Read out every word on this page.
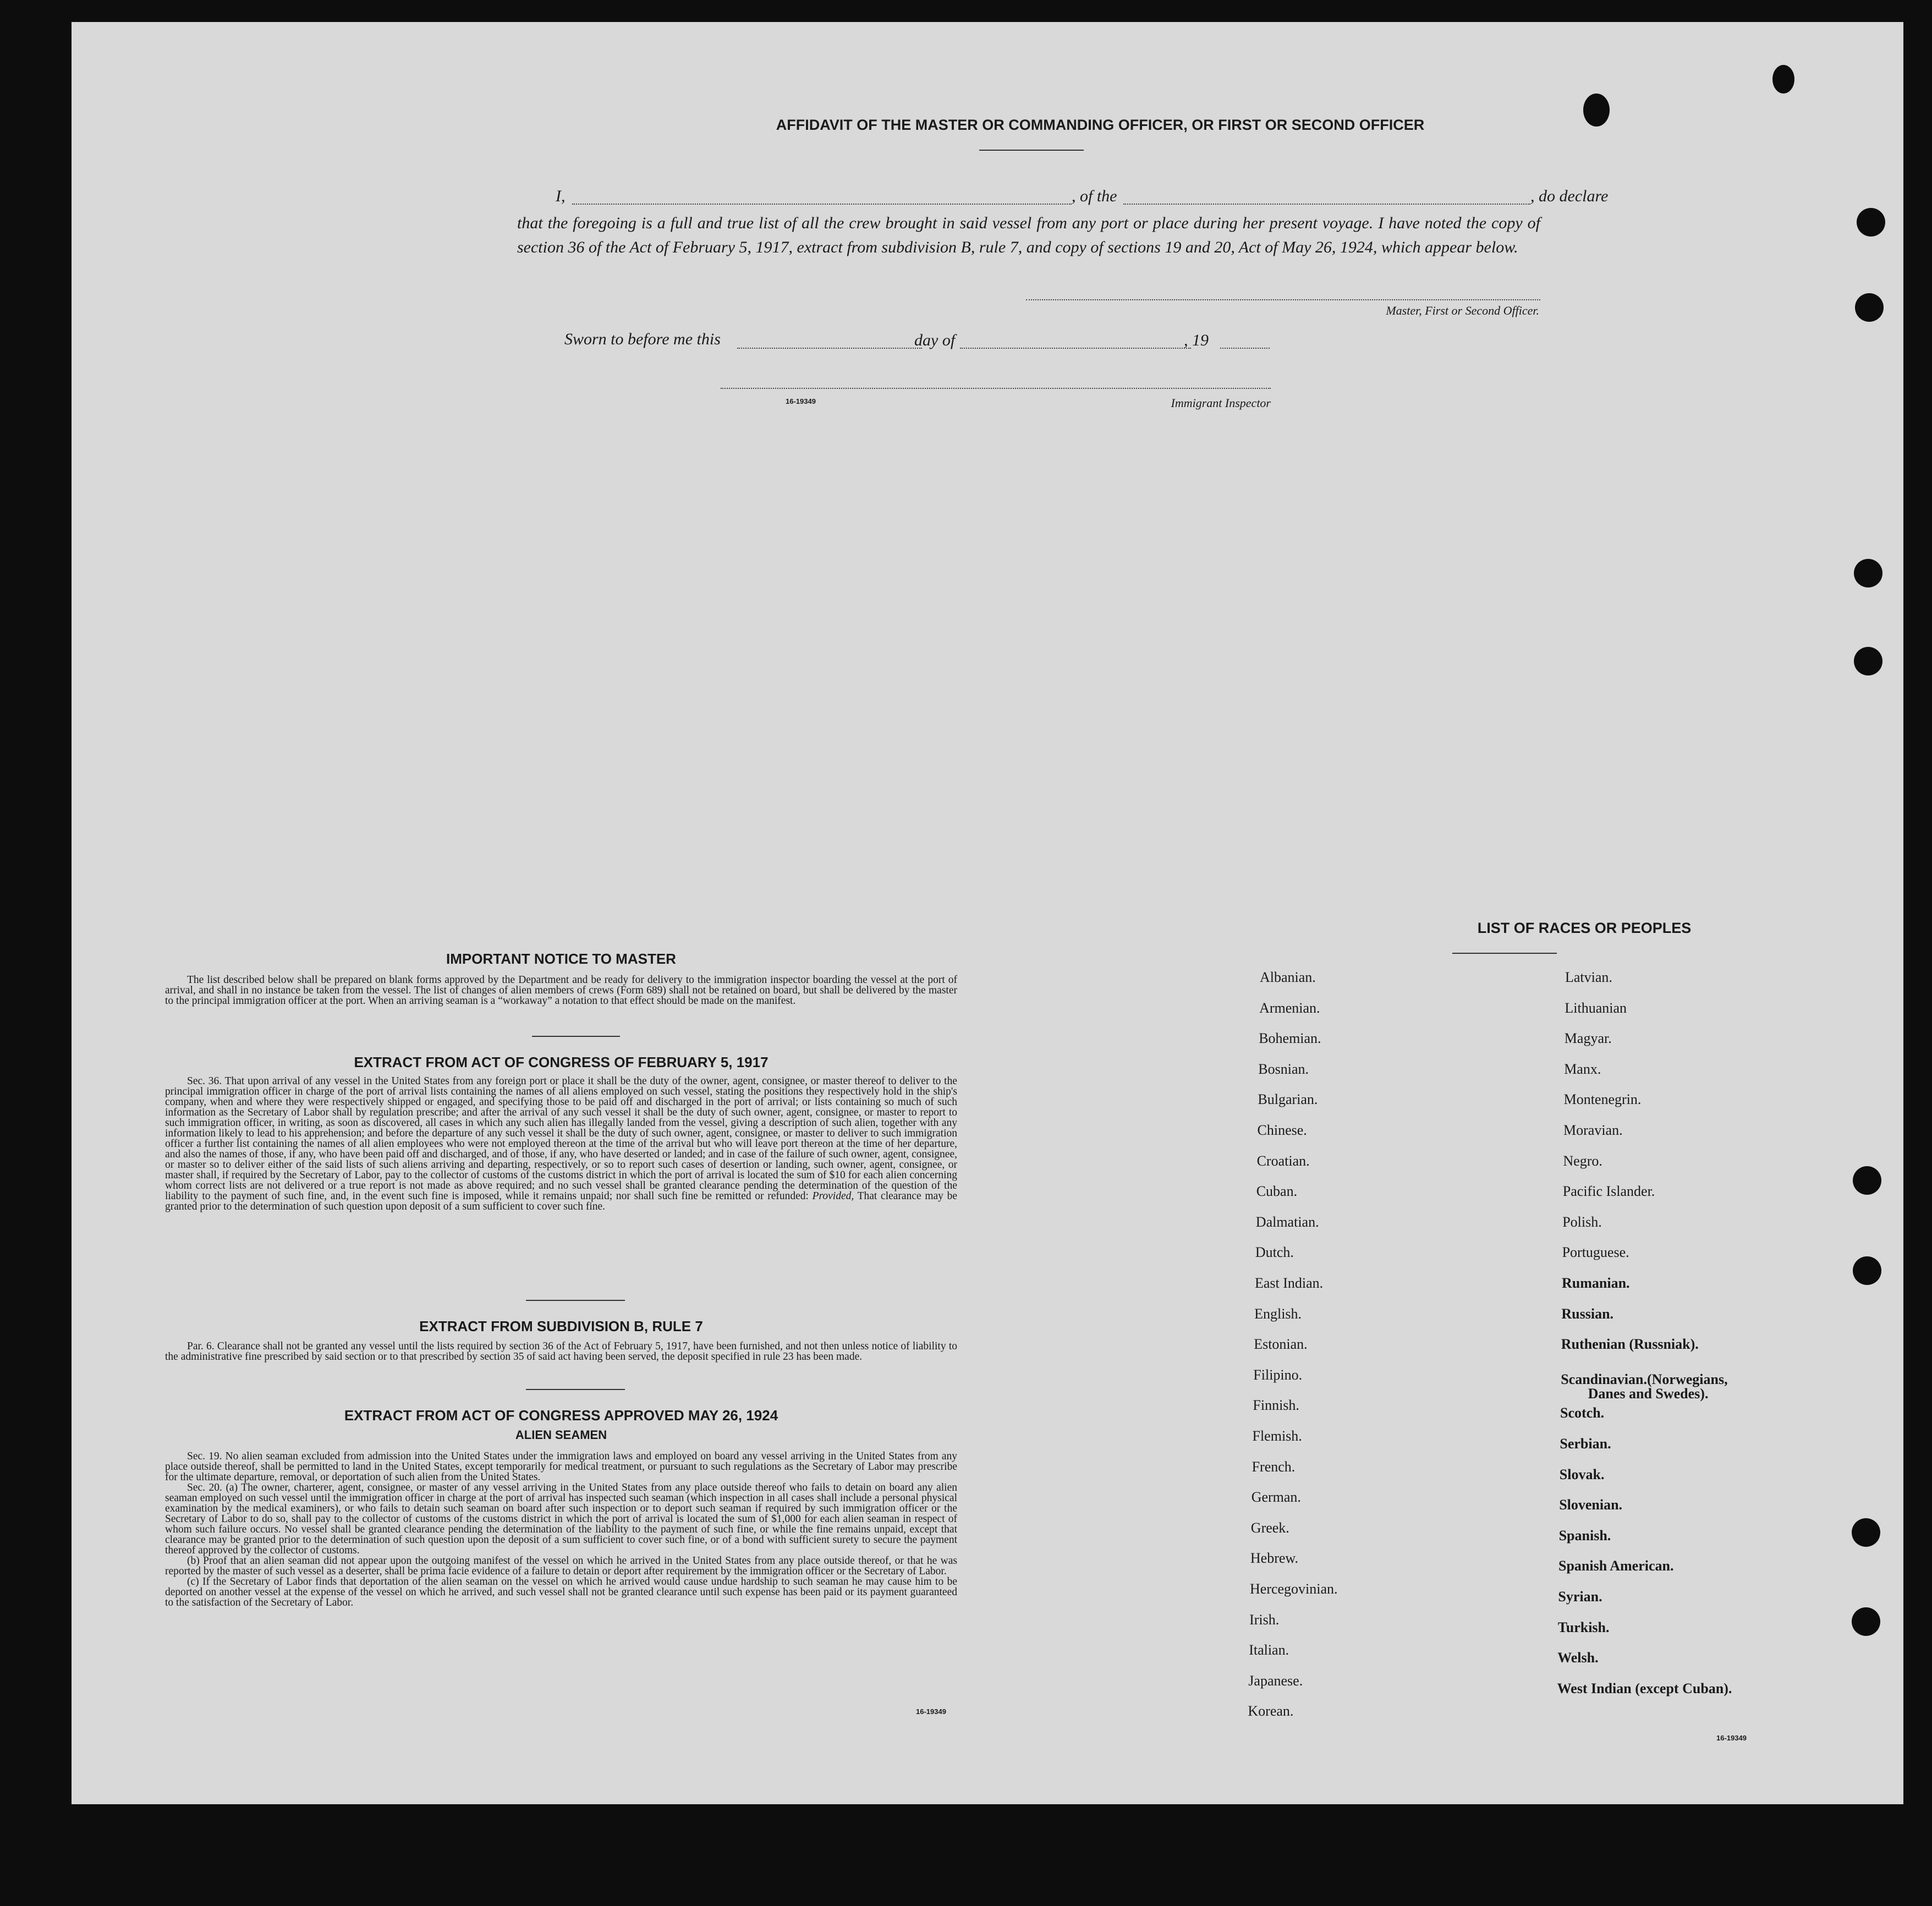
AFFIDAVIT OF THE MASTER OR COMMANDING OFFICER, OR FIRST OR SECOND OFFICER
I,	, of the	, do declare
that the foregoing is a full and true list of all the crew brought in said vessel from any port or place during her present voyage. I have noted the copy of section 36 of the Act of February 5, 1917, extract from subdivision B, rule 7, and copy of sections 19 and 20, Act of May 26, 1924, which appear below.
Master, First or Second Officer.
Sworn to before me this	day of	, 19
16-19349	Immigrant Inspector
IMPORTANT NOTICE TO MASTER

The list described below shall be prepared on blank forms approved by the Department and be ready for delivery to the immigration inspector boarding the vessel at the port of arrival, and shall in no instance be taken from the vessel. The list of changes of alien members of crews (Form 689) shall not be retained on board, but shall be delivered by the master to the principal immigration officer at the port. When an arriving seaman is a “workaway” a notation to that effect should be made on the manifest.

EXTRACT FROM ACT OF CONGRESS OF FEBRUARY 5, 1917

Sec. 36. That upon arrival of any vessel in the United States from any foreign port or place it shall be the duty of the owner, agent, consignee, or master thereof to deliver to the principal immigration officer in charge of the port of arrival lists containing the names of all aliens employed on such vessel, stating the positions they respectively hold in the ship's company, when and where they were respectively shipped or engaged, and specifying those to be paid off and discharged in the port of arrival; or lists containing so much of such information as the Secretary of Labor shall by regulation prescribe; and after the arrival of any such vessel it shall be the duty of such owner, agent, consignee, or master to report to such immigration officer, in writing, as soon as discovered, all cases in which any such alien has illegally landed from the vessel, giving a description of such alien, together with any information likely to lead to his apprehension; and before the departure of any such vessel it shall be the duty of such owner, agent, consignee, or master to deliver to such immigration officer a further list containing the names of all alien employees who were not employed thereon at the time of the arrival but who will leave port thereon at the time of her departure, and also the names of those, if any, who have been paid off and discharged, and of those, if any, who have deserted or landed; and in case of the failure of such owner, agent, consignee, or master so to deliver either of the said lists of such aliens arriving and departing, respectively, or so to report such cases of desertion or landing, such owner, agent, consignee, or master shall, if required by the Secretary of Labor, pay to the collector of customs of the customs district in which the port of arrival is located the sum of $10 for each alien concerning whom correct lists are not delivered or a true report is not made as above required; and no such vessel shall be granted clearance pending the determination of the question of the liability to the payment of such fine, and, in the event such fine is imposed, while it remains unpaid; nor shall such fine be remitted or refunded: Provided, That clearance may be granted prior to the determination of such question upon deposit of a sum sufficient to cover such fine.

EXTRACT FROM SUBDIVISION B, RULE 7

Par. 6. Clearance shall not be granted any vessel until the lists required by section 36 of the Act of February 5, 1917, have been furnished, and not then unless notice of liability to the administrative fine prescribed by said section or to that prescribed by section 35 of said act having been served, the deposit specified in rule 23 has been made.

EXTRACT FROM ACT OF CONGRESS APPROVED MAY 26, 1924
ALIEN SEAMEN

Sec. 19. No alien seaman excluded from admission into the United States under the immigration laws and employed on board any vessel arriving in the United States from any place outside thereof, shall be permitted to land in the United States, except temporarily for medical treatment, or pursuant to such regulations as the Secretary of Labor may prescribe for the ultimate departure, removal, or deportation of such alien from the United States.

Sec. 20. (a) The owner, charterer, agent, consignee, or master of any vessel arriving in the United States from any place outside thereof who fails to detain on board any alien seaman employed on such vessel until the immigration officer in charge at the port of arrival has inspected such seaman (which inspection in all cases shall include a personal physical examination by the medical examiners), or who fails to detain such seaman on board after such inspection or to deport such seaman if required by such immigration officer or the Secretary of Labor to do so, shall pay to the collector of customs of the customs district in which the port of arrival is located the sum of $1,000 for each alien seaman in respect of whom such failure occurs. No vessel shall be granted clearance pending the determination of the liability to the payment of such fine, or while the fine remains unpaid, except that clearance may be granted prior to the determination of such question upon the deposit of a sum sufficient to cover such fine, or of a bond with sufficient surety to secure the payment thereof approved by the collector of customs.

(b) Proof that an alien seaman did not appear upon the outgoing manifest of the vessel on which he arrived in the United States from any place outside thereof, or that he was reported by the master of such vessel as a deserter, shall be prima facie evidence of a failure to detain or deport after requirement by the immigration officer or the Secretary of Labor.

(c) If the Secretary of Labor finds that deportation of the alien seaman on the vessel on which he arrived would cause undue hardship to such seaman he may cause him to be deported on another vessel at the expense of the vessel on which he arrived, and such vessel shall not be granted clearance until such expense has been paid or its payment guaranteed to the satisfaction of the Secretary of Labor.

16-19349
LIST OF RACES OR PEOPLES
16-19349
Albanian.
Armenian.
Bohemian.
Bosnian.
Bulgarian.
Chinese.
Croatian.
Cuban.
Dalmatian.
Dutch.
East Indian.
English.
Estonian.
Filipino.
Finnish.
Flemish.
French.
German.
Greek.
Hebrew.
Hercegovinian.
Irish.
Italian.
Japanese.
Korean.
Latvian.
Lithuanian
Magyar.
Manx.
Montenegrin.
Moravian.
Negro.
Pacific Islander.
Polish.
Portuguese.
Rumanian.
Russian.
Ruthenian (Russniak).
Scandinavian.(Norwegians,
Danes and Swedes).
Scotch.
Serbian.
Slovak.
Slovenian.
Spanish.
Spanish American.
Syrian.
Turkish.
Welsh.
West Indian (except Cuban).
